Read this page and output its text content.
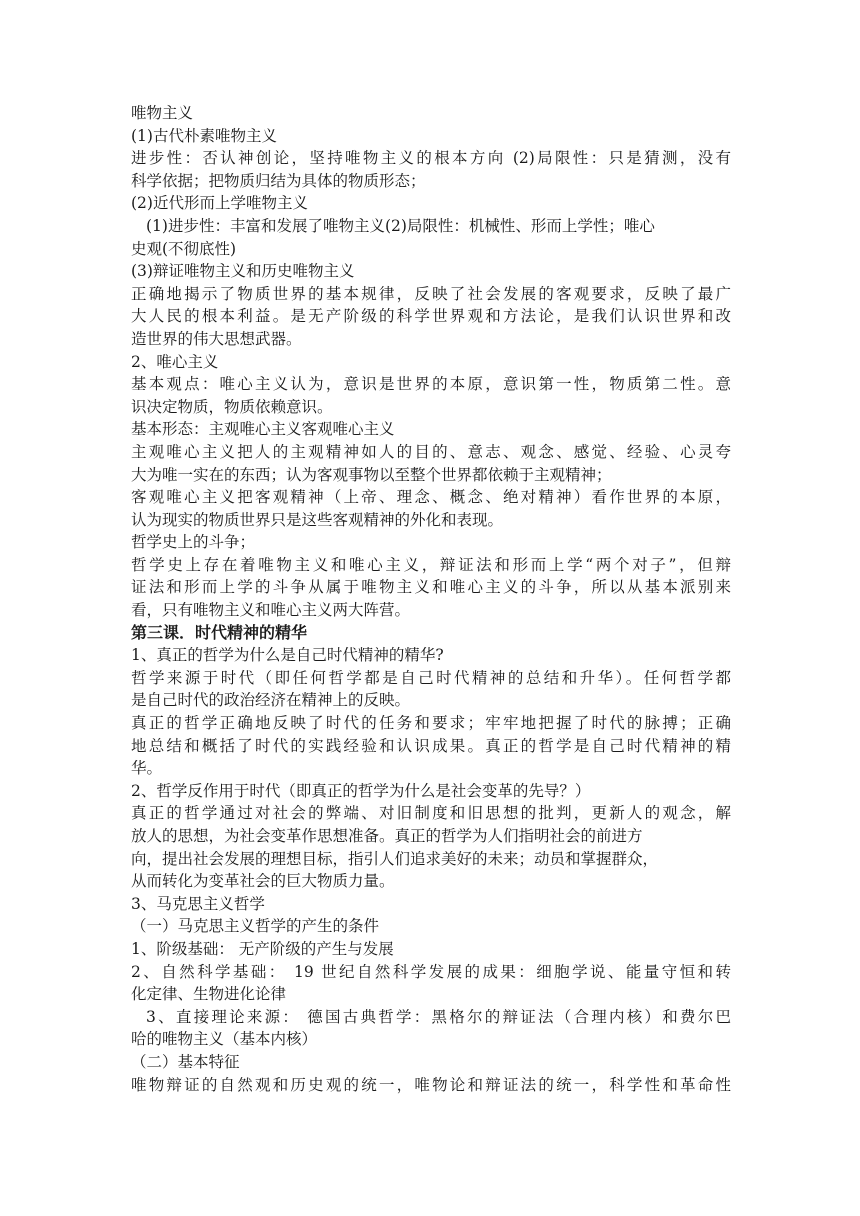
唯物主义
(1)古代朴素唯物主义
进步性：否认神创论，坚持唯物主义的根本方向 (2)局限性：只是猜测，没有
科学依据；把物质归结为具体的物质形态；
(2)近代形而上学唯物主义
(1)进步性：丰富和发展了唯物主义(2)局限性：机械性、形而上学性；唯心
史观(不彻底性)
(3)辩证唯物主义和历史唯物主义
正确地揭示了物质世界的基本规律，反映了社会发展的客观要求，反映了最广
大人民的根本利益。是无产阶级的科学世界观和方法论，是我们认识世界和改
造世界的伟大思想武器。
2、唯心主义
基本观点：唯心主义认为，意识是世界的本原，意识第一性，物质第二性。意
识决定物质，物质依赖意识。
基本形态：主观唯心主义客观唯心主义
主观唯心主义把人的主观精神如人的目的、意志、观念、感觉、经验、心灵夸
大为唯一实在的东西；认为客观事物以至整个世界都依赖于主观精神；
客观唯心主义把客观精神（上帝、理念、概念、绝对精神）看作世界的本原，
认为现实的物质世界只是这些客观精神的外化和表现。
哲学史上的斗争；
哲学史上存在着唯物主义和唯心主义，辩证法和形而上学“两个对子”，但辩
证法和形而上学的斗争从属于唯物主义和唯心主义的斗争，所以从基本派别来
看，只有唯物主义和唯心主义两大阵营。
第三课．时代精神的精华
1、真正的哲学为什么是自己时代精神的精华?
哲学来源于时代（即任何哲学都是自己时代精神的总结和升华）。任何哲学都
是自己时代的政治经济在精神上的反映。
真正的哲学正确地反映了时代的任务和要求；牢牢地把握了时代的脉搏；正确
地总结和概括了时代的实践经验和认识成果。真正的哲学是自己时代精神的精
华。
2、哲学反作用于时代（即真正的哲学为什么是社会变革的先导？）
真正的哲学通过对社会的弊端、对旧制度和旧思想的批判，更新人的观念，解
放人的思想，为社会变革作思想准备。真正的哲学为人们指明社会的前进方
向，提出社会发展的理想目标，指引人们追求美好的未来；动员和掌握群众，
从而转化为变革社会的巨大物质力量。
3、马克思主义哲学
（一）马克思主义哲学的产生的条件
1、阶级基础： 无产阶级的产生与发展
2、自然科学基础： 19 世纪自然科学发展的成果：细胞学说、能量守恒和转
化定律、生物进化论律
3、直接理论来源： 德国古典哲学：黑格尔的辩证法（合理内核）和费尔巴
哈的唯物主义（基本内核）
（二）基本特征
唯物辩证的自然观和历史观的统一，唯物论和辩证法的统一，科学性和革命性
